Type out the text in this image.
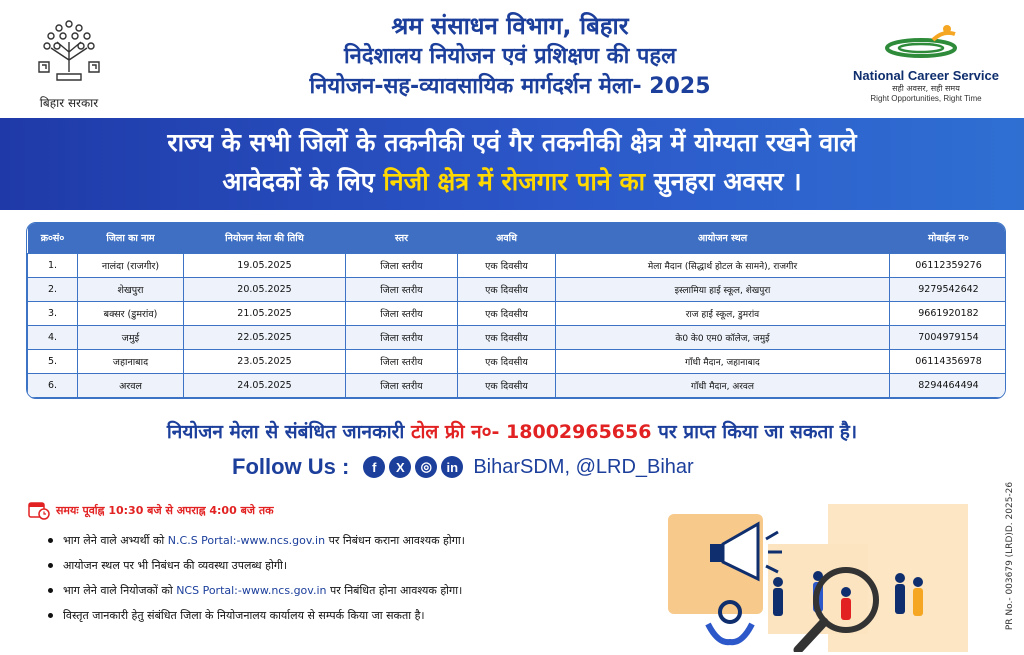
बिहार सरकार
श्रम संसाधन विभाग, बिहार
निदेशालय नियोजन एवं प्रशिक्षण की पहल
नियोजन-सह-व्यावसायिक मार्गदर्शन मेला- 2025	National Career Service
सही अवसर, सही समय
Right Opportunities, Right Time
राज्य के सभी जिलों के तकनीकी एवं गैर तकनीकी क्षेत्र में योग्यता रखने वाले
आवेदकों के लिए निजी क्षेत्र में रोजगार पाने का सुनहरा अवसर ।
क्र०सं०	जिला का नाम	नियोजन मेला की तिथि	स्तर	अवधि	आयोजन स्थल	मोबाईल न०
1.	नालंदा (राजगीर)	19.05.2025	जिला स्तरीय	एक दिवसीय	मेला मैदान (सिद्धार्थ होटल के सामने), राजगीर	06112359276
2.	शेखपुरा	20.05.2025	जिला स्तरीय	एक दिवसीय	इस्लामिया हाई स्कूल, शेखपुरा	9279542642
3.	बक्सर (डुमरांव)	21.05.2025	जिला स्तरीय	एक दिवसीय	राज हाई स्कूल, डुमरांव	9661920182
4.	जमुई	22.05.2025	जिला स्तरीय	एक दिवसीय	के0 के0 एम0 कॉलेज, जमुई	7004979154
5.	जहानाबाद	23.05.2025	जिला स्तरीय	एक दिवसीय	गाँधी मैदान, जहानाबाद	06114356978
6.	अरवल	24.05.2025	जिला स्तरीय	एक दिवसीय	गाँधी मैदान, अरवल	8294464494
नियोजन मेला से संबंधित जानकारी टोल फ्री न०- 18002965656 पर प्राप्त किया जा सकता है।
Follow Us :	f	X	◎	in BiharSDM, @LRD_Bihar
समयः पूर्वाह्न 10:30 बजे से अपराह्न 4:00 बजे तक
भाग लेने वाले अभ्यर्थी को N.C.S Portal:-www.ncs.gov.in पर निबंधन कराना आवश्यक होगा।
आयोजन स्थल पर भी निबंधन की व्यवस्था उपलब्ध होगी।
भाग लेने वाले नियोजकों को NCS Portal:-www.ncs.gov.in पर निबंधित होना आवश्यक होगा।
विस्तृत जानकारी हेतु संबंधित जिला के नियोजनालय कार्यालय से सम्पर्क किया जा सकता है।	PR No.- 003679 (LRD)D. 2025-26
